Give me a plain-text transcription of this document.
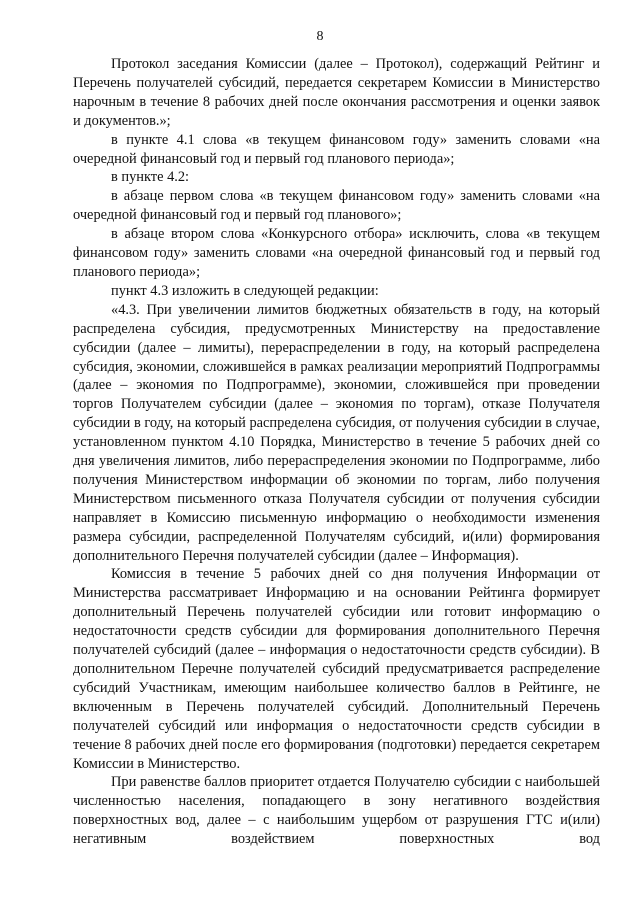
8

Протокол заседания Комиссии (далее – Протокол), содержащий Рейтинг и Перечень получателей субсидий, передается секретарем Комиссии в Министерство нарочным в течение 8 рабочих дней после окончания рассмотрения и оценки заявок и документов.»;

в пункте 4.1 слова «в текущем финансовом году» заменить словами «на очередной финансовый год и первый год планового периода»;

в пункте 4.2:

в абзаце первом слова «в текущем финансовом году» заменить словами «на очередной финансовый год и первый год планового»;

в абзаце втором слова «Конкурсного отбора» исключить, слова «в текущем финансовом году» заменить словами «на очередной финансовый год и первый год планового периода»;

пункт 4.3 изложить в следующей редакции:

«4.3. При увеличении лимитов бюджетных обязательств в году, на который распределена субсидия, предусмотренных Министерству на предоставление субсидии (далее – лимиты), перераспределении в году, на который распределена субсидия, экономии, сложившейся в рамках реализации мероприятий Подпрограммы (далее – экономия по Подпрограмме), экономии, сложившейся при проведении торгов Получателем субсидии (далее – экономия по торгам), отказе Получателя субсидии в году, на который распределена субсидия, от получения субсидии в случае, установленном пунктом 4.10 Порядка, Министерство в течение 5 рабочих дней со дня увеличения лимитов, либо перераспределения экономии по Подпрограмме, либо получения Министерством информации об экономии по торгам, либо получения Министерством письменного отказа Получателя субсидии от получения субсидии направляет в Комиссию письменную информацию о необходимости изменения размера субсидии, распределенной Получателям субсидий, и(или) формирования дополнительного Перечня получателей субсидии (далее – Информация).

Комиссия в течение 5 рабочих дней со дня получения Информации от Министерства рассматривает Информацию и на основании Рейтинга формирует дополнительный Перечень получателей субсидии или готовит информацию о недостаточности средств субсидии для формирования дополнительного Перечня получателей субсидий (далее – информация о недостаточности средств субсидии). В дополнительном Перечне получателей субсидий предусматривается распределение субсидий Участникам, имеющим наибольшее количество баллов в Рейтинге, не включенным в Перечень получателей субсидий. Дополнительный Перечень получателей субсидий или информация о недостаточности средств субсидии в течение 8 рабочих дней после его формирования (подготовки) передается секретарем Комиссии в Министерство.

При равенстве баллов приоритет отдается Получателю субсидии с наибольшей численностью населения, попадающего в зону негативного воздействия поверхностных вод, далее – с наибольшим ущербом от разрушения ГТС и(или) негативным воздействием поверхностных вод
